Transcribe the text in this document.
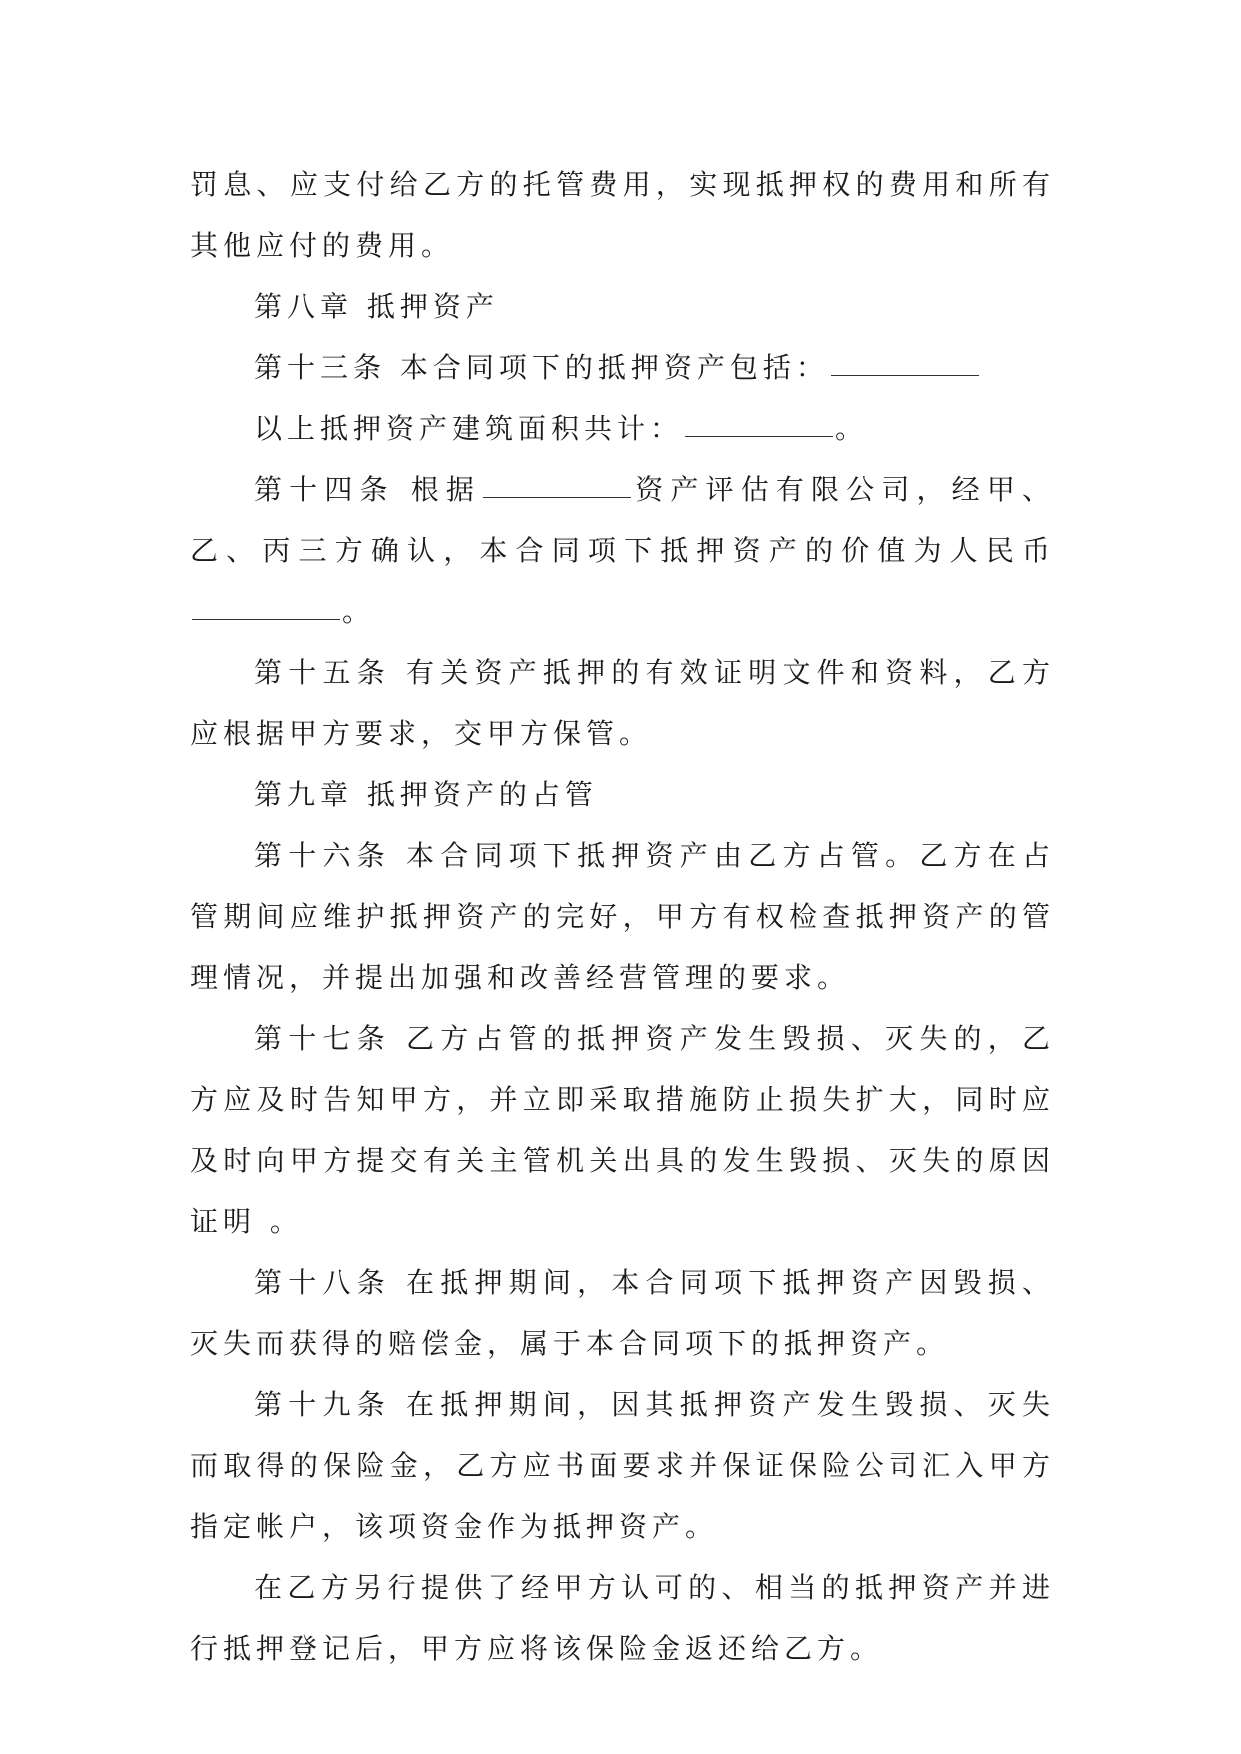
罚息、应支付给乙方的托管费用，实现抵押权的费用和所有其他应付的费用。

第八章 抵押资产

第十三条 本合同项下的抵押资产包括：

以上抵押资产建筑面积共计：	。

第十四条 根据	资产评估有限公司，经甲、乙、丙三方确认，本合同项下抵押资产的价值为人民币。

第十五条 有关资产抵押的有效证明文件和资料，乙方应根据甲方要求，交甲方保管。

第九章 抵押资产的占管

第十六条 本合同项下抵押资产由乙方占管。乙方在占管期间应维护抵押资产的完好，甲方有权检查抵押资产的管理情况，并提出加强和改善经营管理的要求。

第十七条 乙方占管的抵押资产发生毁损、灭失的，乙方应及时告知甲方，并立即采取措施防止损失扩大，同时应及时向甲方提交有关主管机关出具的发生毁损、灭失的原因证明 。

第十八条 在抵押期间，本合同项下抵押资产因毁损、灭失而获得的赔偿金，属于本合同项下的抵押资产。

第十九条 在抵押期间，因其抵押资产发生毁损、灭失而取得的保险金，乙方应书面要求并保证保险公司汇入甲方指定帐户，该项资金作为抵押资产。

在乙方另行提供了经甲方认可的、相当的抵押资产并进行抵押登记后，甲方应将该保险金返还给乙方。
